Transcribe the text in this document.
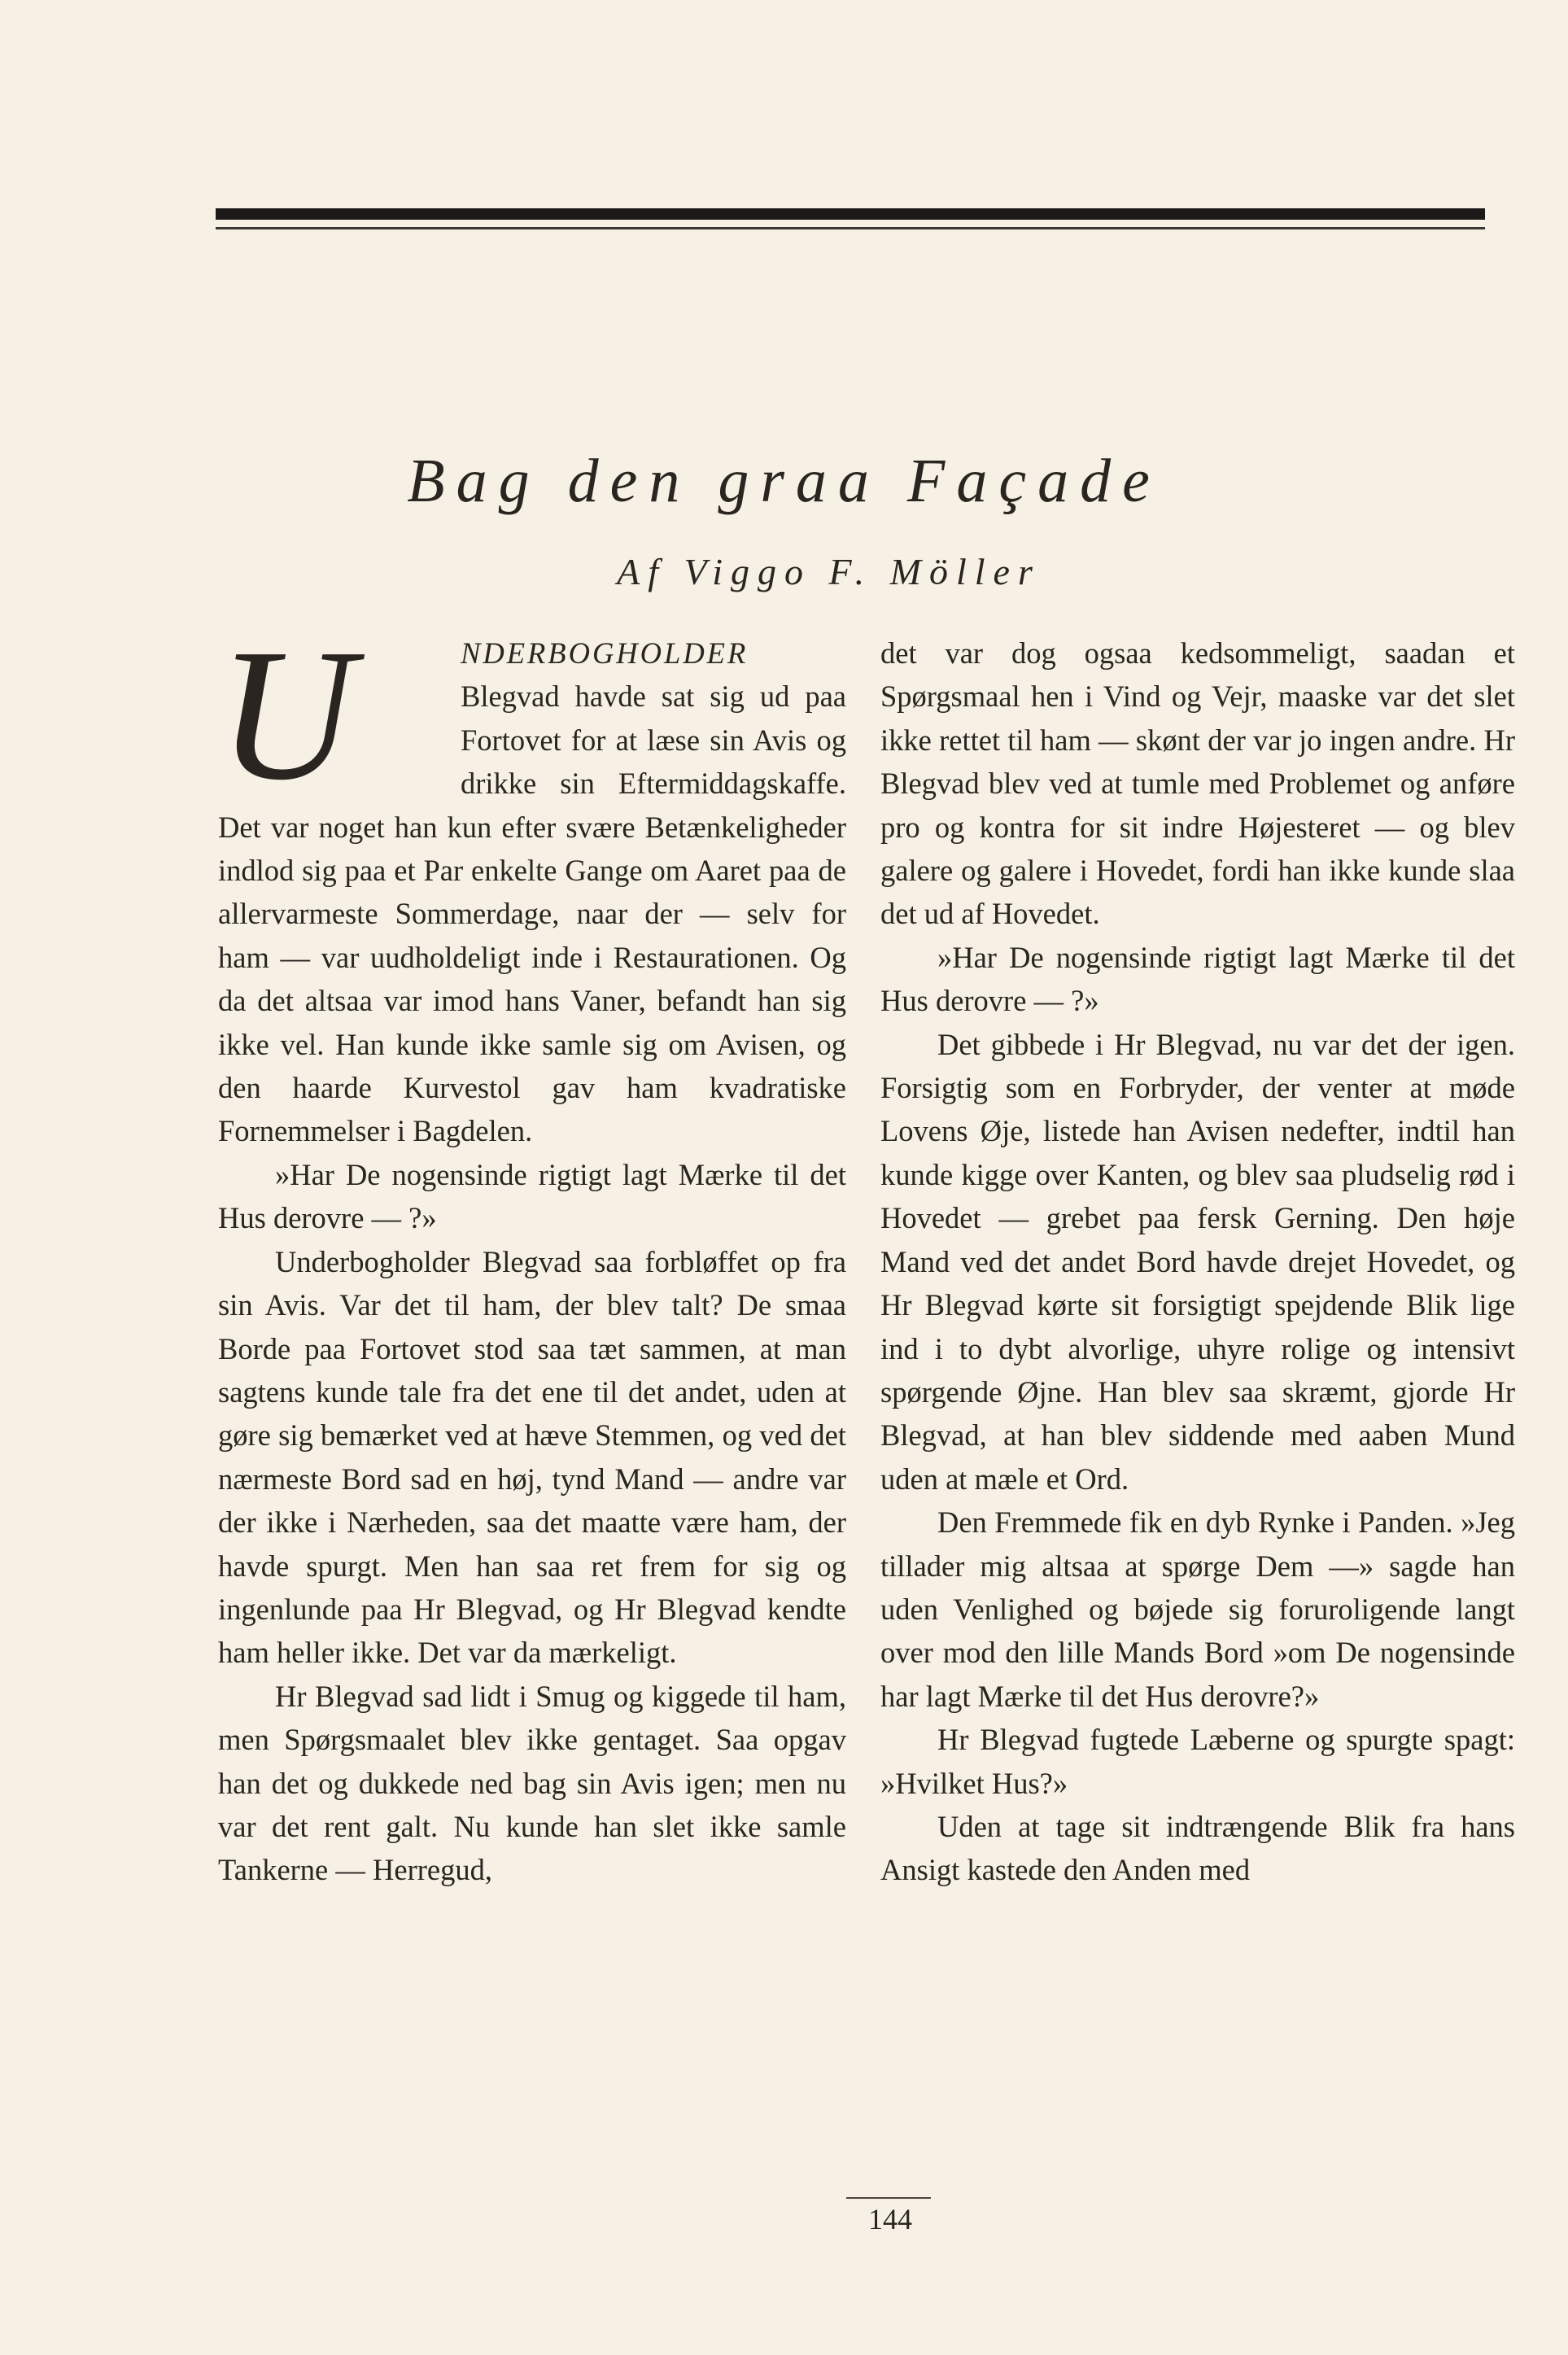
Bag den graa Façade
Af Viggo F. Möller

U	NDERBOGHOLDER Blegvad havde sat sig ud paa Fortovet for at læse sin Avis og drikke sin Eftermiddagskaffe. Det var noget han kun efter svære Betænkeligheder indlod sig paa et Par enkelte Gange om Aaret paa de allervarmeste Sommerdage, naar der — selv for ham — var uudholdeligt inde i Restaurationen. Og da det altsaa var imod hans Vaner, befandt han sig ikke vel. Han kunde ikke samle sig om Avisen, og den haarde Kurvestol gav ham kvadratiske Fornemmelser i Bagdelen.

»Har De nogensinde rigtigt lagt Mærke til det Hus derovre — ?»

Underbogholder Blegvad saa forbløffet op fra sin Avis. Var det til ham, der blev talt? De smaa Borde paa Fortovet stod saa tæt sammen, at man sagtens kunde tale fra det ene til det andet, uden at gøre sig bemærket ved at hæve Stemmen, og ved det nærmeste Bord sad en høj, tynd Mand — andre var der ikke i Nærheden, saa det maatte være ham, der havde spurgt. Men han saa ret frem for sig og ingenlunde paa Hr Blegvad, og Hr Blegvad kendte ham heller ikke. Det var da mærkeligt.

Hr Blegvad sad lidt i Smug og kiggede til ham, men Spørgsmaalet blev ikke gentaget. Saa opgav han det og dukkede ned bag sin Avis igen; men nu var det rent galt. Nu kunde han slet ikke samle Tankerne — Herregud,

det var dog ogsaa kedsommeligt, saadan et Spørgsmaal hen i Vind og Vejr, maaske var det slet ikke rettet til ham — skønt der var jo ingen andre. Hr Blegvad blev ved at tumle med Problemet og anføre pro og kontra for sit indre Højesteret — og blev galere og galere i Hovedet, fordi han ikke kunde slaa det ud af Hovedet.

»Har De nogensinde rigtigt lagt Mærke til det Hus derovre — ?»

Det gibbede i Hr Blegvad, nu var det der igen. Forsigtig som en Forbryder, der venter at møde Lovens Øje, listede han Avisen nedefter, indtil han kunde kigge over Kanten, og blev saa pludselig rød i Hovedet — grebet paa fersk Gerning. Den høje Mand ved det andet Bord havde drejet Hovedet, og Hr Blegvad kørte sit forsigtigt spejdende Blik lige ind i to dybt alvorlige, uhyre rolige og intensivt spørgende Øjne. Han blev saa skræmt, gjorde Hr Blegvad, at han blev siddende med aaben Mund uden at mæle et Ord.

Den Fremmede fik en dyb Rynke i Panden. »Jeg tillader mig altsaa at spørge Dem —» sagde han uden Venlighed og bøjede sig foruroligende langt over mod den lille Mands Bord »om De nogensinde har lagt Mærke til det Hus derovre?»

Hr Blegvad fugtede Læberne og spurgte spagt: »Hvilket Hus?»

Uden at tage sit indtrængende Blik fra hans Ansigt kastede den Anden med

144
